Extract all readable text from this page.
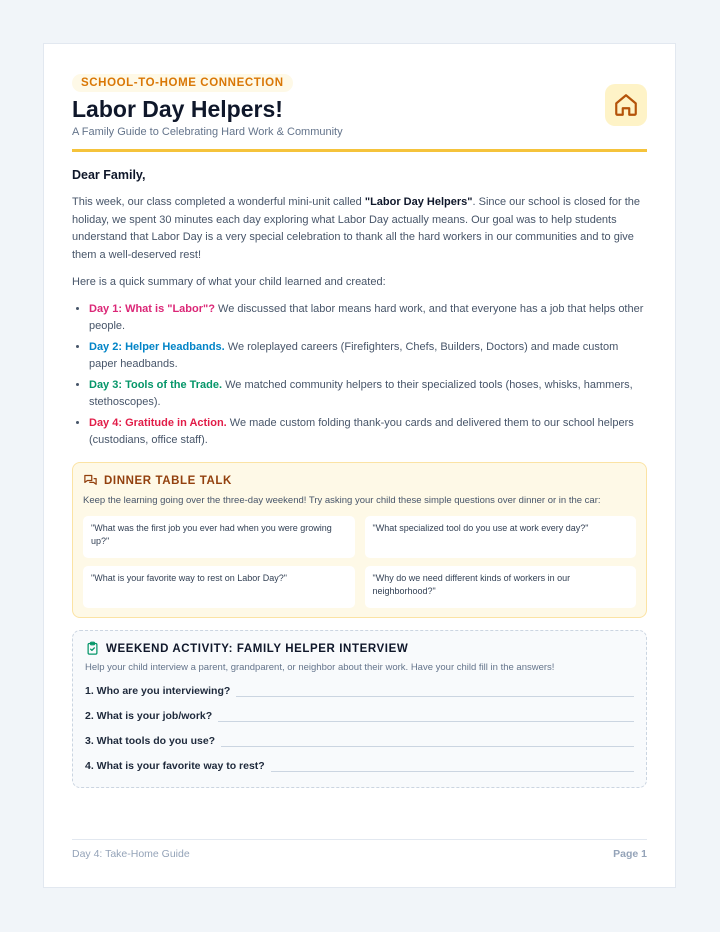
SCHOOL-TO-HOME CONNECTION
Labor Day Helpers!
A Family Guide to Celebrating Hard Work & Community
Dear Family,

This week, our class completed a wonderful mini-unit called "Labor Day Helpers". Since our school is closed for the holiday, we spent 30 minutes each day exploring what Labor Day actually means. Our goal was to help students understand that Labor Day is a very special celebration to thank all the hard workers in our communities and to give them a well-deserved rest!

Here is a quick summary of what your child learned and created:

• Day 1: What is "Labor"? We discussed that labor means hard work, and that everyone has a job that helps other people.
• Day 2: Helper Headbands. We roleplayed careers (Firefighters, Chefs, Builders, Doctors) and made custom paper headbands.
• Day 3: Tools of the Trade. We matched community helpers to their specialized tools (hoses, whisks, hammers, stethoscopes).
• Day 4: Gratitude in Action. We made custom folding thank-you cards and delivered them to our school helpers (custodians, office staff).
DINNER TABLE TALK
Keep the learning going over the three-day weekend! Try asking your child these simple questions over dinner or in the car:
"What was the first job you ever had when you were growing up?"
"What specialized tool do you use at work every day?"
"What is your favorite way to rest on Labor Day?"	"Why do we need different kinds of workers in our neighborhood?"
WEEKEND ACTIVITY: FAMILY HELPER INTERVIEW
Help your child interview a parent, grandparent, or neighbor about their work. Have your child fill in the answers!
1. Who are you interviewing?
2. What is your job/work?
3. What tools do you use?
4. What is your favorite way to rest?
Day 4: Take-Home Guide	Page 1
